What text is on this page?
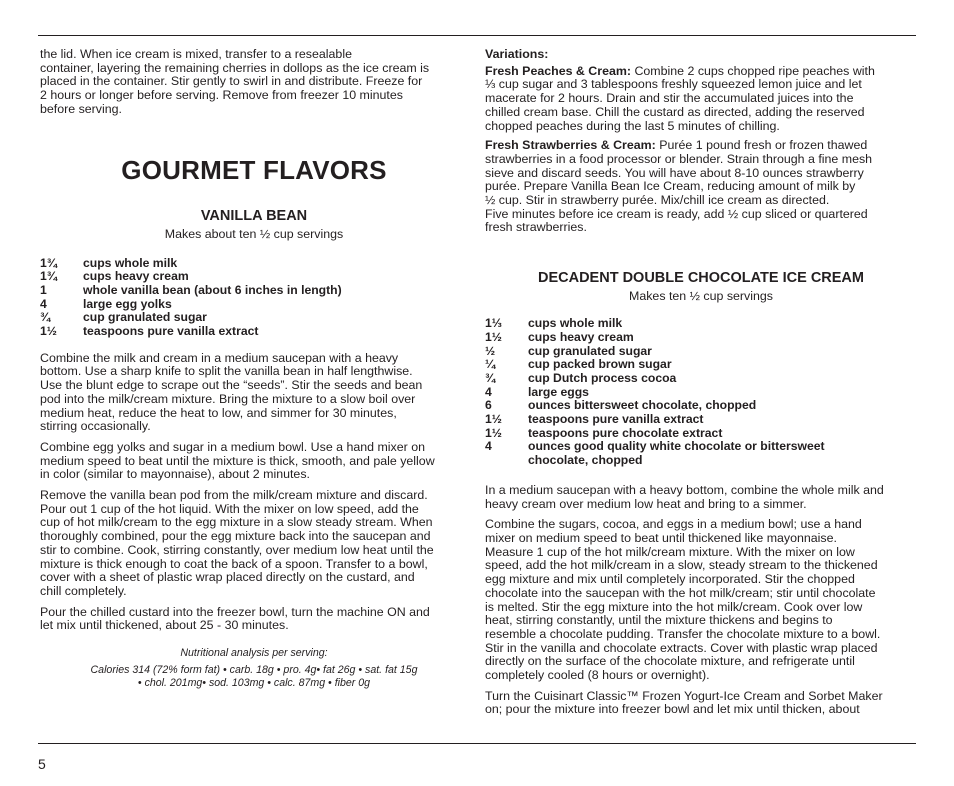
the lid. When ice cream is mixed, transfer to a resealable
container, layering the remaining cherries in dollops as the ice cream is
placed in the container. Stir gently to swirl in and distribute. Freeze for
2 hours or longer before serving. Remove from freezer 10 minutes
before serving.

GOURMET FLAVORS
VANILLA BEAN
Makes about ten ½ cup servings
1¾	cups whole milk
1¾	cups heavy cream
1	whole vanilla bean (about 6 inches in length)
4	large egg yolks
¾	cup granulated sugar
1½	teaspoons pure vanilla extract

Combine the milk and cream in a medium saucepan with a heavy
bottom. Use a sharp knife to split the vanilla bean in half lengthwise.
Use the blunt edge to scrape out the “seeds”. Stir the seeds and bean
pod into the milk/cream mixture. Bring the mixture to a slow boil over
medium heat, reduce the heat to low, and simmer for 30 minutes,
stirring occasionally.

Combine egg yolks and sugar in a medium bowl. Use a hand mixer on
medium speed to beat until the mixture is thick, smooth, and pale yellow
in color (similar to mayonnaise), about 2 minutes.

Remove the vanilla bean pod from the milk/cream mixture and discard.
Pour out 1 cup of the hot liquid. With the mixer on low speed, add the
cup of hot milk/cream to the egg mixture in a slow steady stream. When
thoroughly combined, pour the egg mixture back into the saucepan and
stir to combine. Cook, stirring constantly, over medium low heat until the
mixture is thick enough to coat the back of a spoon. Transfer to a bowl,
cover with a sheet of plastic wrap placed directly on the custard, and
chill completely.

Pour the chilled custard into the freezer bowl, turn the machine ON and
let mix until thickened, about 25 - 30 minutes.

Nutritional analysis per serving:
Calories 314 (72% form fat) • carb. 18g • pro. 4g• fat 26g • sat. fat 15g
• chol. 201mg• sod. 103mg • calc. 87mg • fiber 0g
Variations:

Fresh Peaches & Cream: Combine 2 cups chopped ripe peaches with
⅓ cup sugar and 3 tablespoons freshly squeezed lemon juice and let
macerate for 2 hours. Drain and stir the accumulated juices into the
chilled cream base. Chill the custard as directed, adding the reserved
chopped peaches during the last 5 minutes of chilling.

Fresh Strawberries & Cream: Purée 1 pound fresh or frozen thawed
strawberries in a food processor or blender. Strain through a fine mesh
sieve and discard seeds. You will have about 8-10 ounces strawberry
purée. Prepare Vanilla Bean Ice Cream, reducing amount of milk by
½ cup. Stir in strawberry purée. Mix/chill ice cream as directed.
Five minutes before ice cream is ready, add ½ cup sliced or quartered
fresh strawberries.

DECADENT DOUBLE CHOCOLATE ICE CREAM
Makes ten ½ cup servings
1⅓	cups whole milk
1½	cups heavy cream
½	cup granulated sugar
¼	cup packed brown sugar
¾	cup Dutch process cocoa
4	large eggs
6	ounces bittersweet chocolate, chopped
1½	teaspoons pure vanilla extract
1½	teaspoons pure chocolate extract
4	ounces good quality white chocolate or bittersweet
chocolate, chopped

In a medium saucepan with a heavy bottom, combine the whole milk and
heavy cream over medium low heat and bring to a simmer.

Combine the sugars, cocoa, and eggs in a medium bowl; use a hand
mixer on medium speed to beat until thickened like mayonnaise.
Measure 1 cup of the hot milk/cream mixture. With the mixer on low
speed, add the hot milk/cream in a slow, steady stream to the thickened
egg mixture and mix until completely incorporated. Stir the chopped
chocolate into the saucepan with the hot milk/cream; stir until chocolate
is melted. Stir the egg mixture into the hot milk/cream. Cook over low
heat, stirring constantly, until the mixture thickens and begins to
resemble a chocolate pudding. Transfer the chocolate mixture to a bowl.
Stir in the vanilla and chocolate extracts. Cover with plastic wrap placed
directly on the surface of the chocolate mixture, and refrigerate until
completely cooled (8 hours or overnight).

Turn the Cuisinart Classic™ Frozen Yogurt-Ice Cream and Sorbet Maker
on; pour the mixture into freezer bowl and let mix until thicken, about

5
